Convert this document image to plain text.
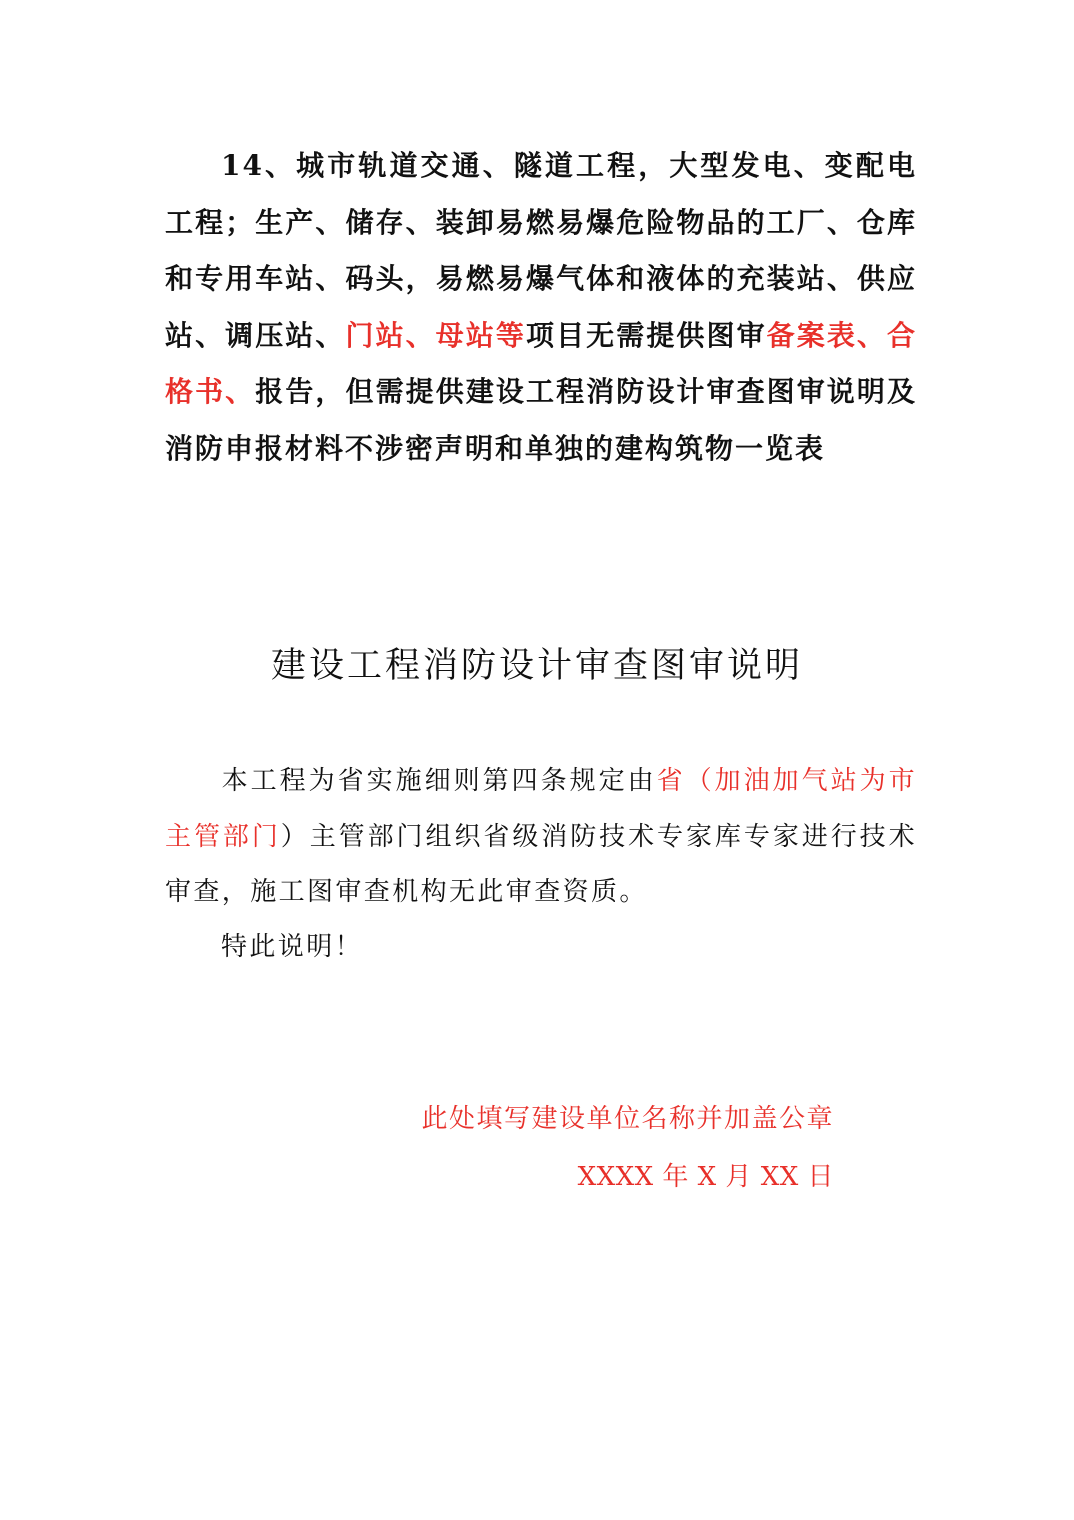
14、城市轨道交通、隧道工程，大型发电、变配电工程；生产、储存、装卸易燃易爆危险物品的工厂、仓库和专用车站、码头，易燃易爆气体和液体的充装站、供应站、调压站、门站、母站等项目无需提供图审备案表、合格书、报告，但需提供建设工程消防设计审查图审说明及消防申报材料不涉密声明和单独的建构筑物一览表

建设工程消防设计审查图审说明

本工程为省实施细则第四条规定由省（加油加气站为市主管部门）主管部门组织省级消防技术专家库专家进行技术审查，施工图审查机构无此审查资质。

特此说明！
此处填写建设单位名称并加盖公章
XXXX 年 X 月 XX 日
